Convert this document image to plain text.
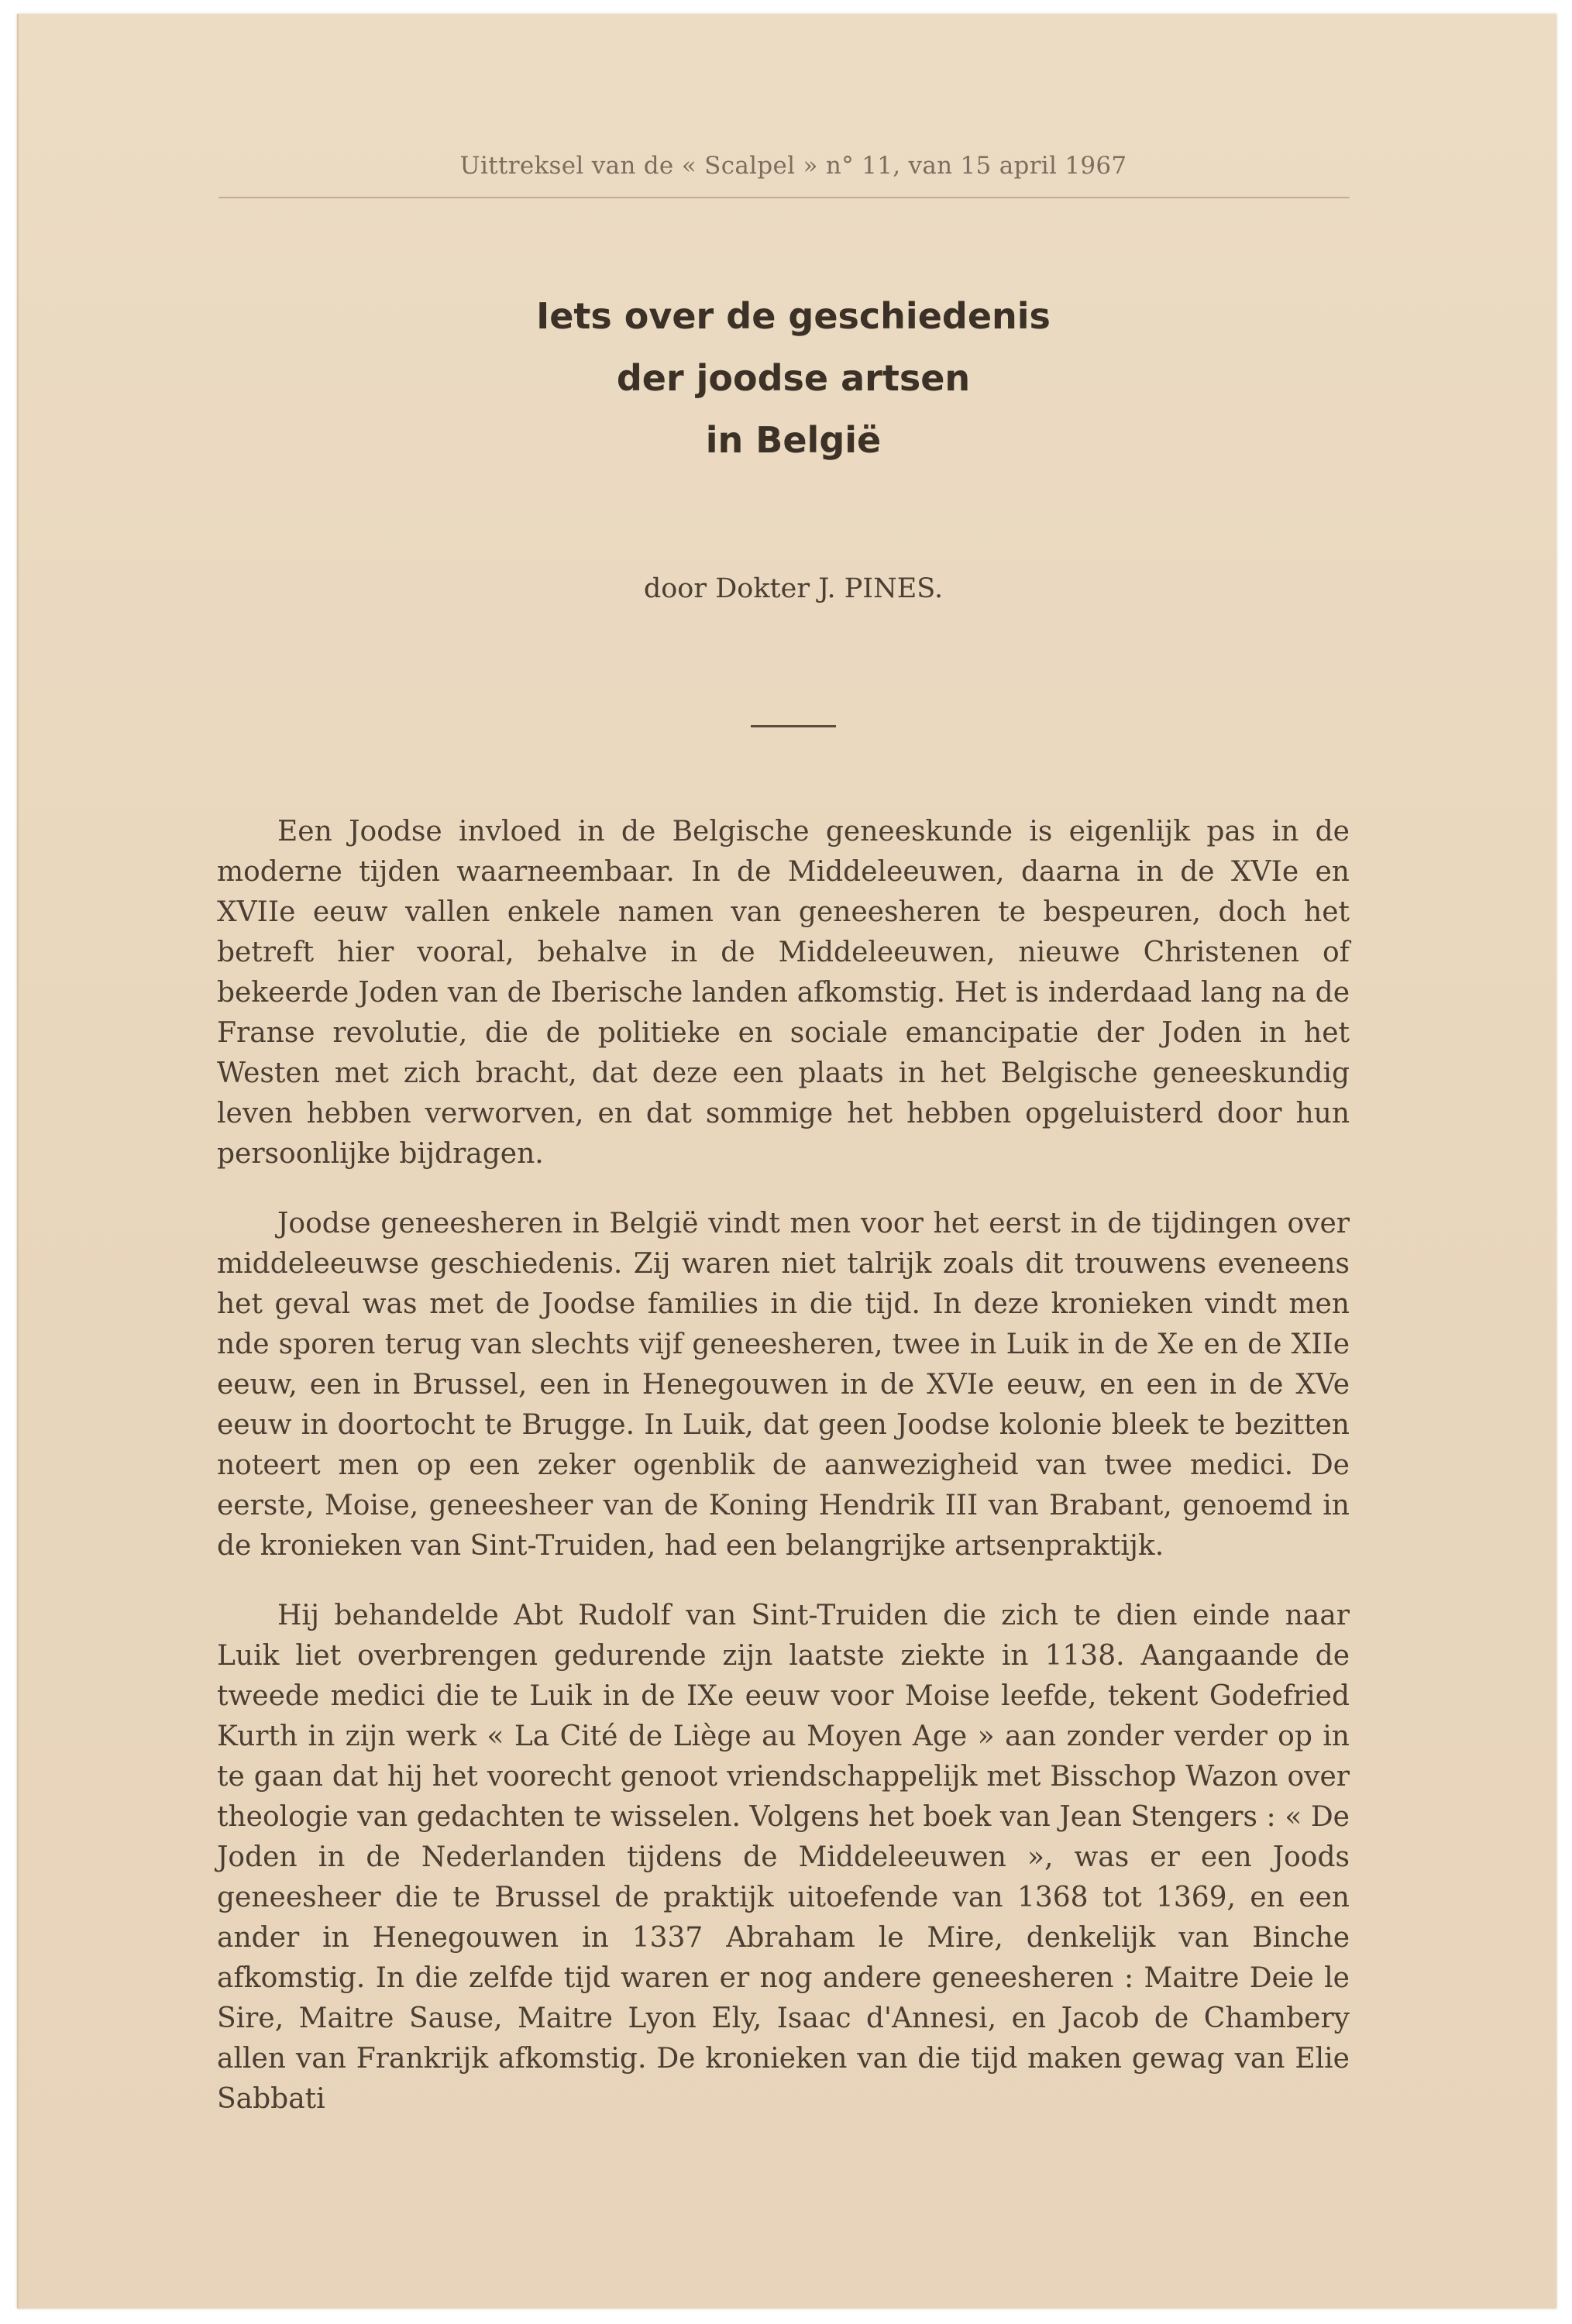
Uittreksel van de « Scalpel » n° 11, van 15 april 1967
Iets over de geschiedenis
der joodse artsen
in België
door Dokter J. PINES.

Een Joodse invloed in de Belgische geneeskunde is eigenlijk pas in de moderne tijden waarneembaar. In de Middeleeuwen, daarna in de XVIe en XVIIe eeuw vallen enkele namen van geneesheren te bespeuren, doch het betreft hier vooral, behalve in de Middeleeuwen, nieuwe Christenen of bekeerde Joden van de Iberische landen afkomstig. Het is inderdaad lang na de Franse revolutie, die de politieke en sociale emancipatie der Joden in het Westen met zich bracht, dat deze een plaats in het Belgische geneeskundig leven hebben verworven, en dat sommige het hebben opgeluisterd door hun persoonlijke bijdragen.

Joodse geneesheren in België vindt men voor het eerst in de tijdingen over middeleeuwse geschiedenis. Zij waren niet talrijk zoals dit trouwens eveneens het geval was met de Joodse families in die tijd. In deze kronieken vindt men nde sporen terug van slechts vijf geneesheren, twee in Luik in de Xe en de XIIe eeuw, een in Brussel, een in Henegouwen in de XVIe eeuw, en een in de XVe eeuw in doortocht te Brugge. In Luik, dat geen Joodse kolonie bleek te bezitten noteert men op een zeker ogenblik de aanwezigheid van twee medici. De eerste, Moise, geneesheer van de Koning Hendrik III van Brabant, genoemd in de kronieken van Sint-Truiden, had een belangrijke artsenpraktijk.

Hij behandelde Abt Rudolf van Sint-Truiden die zich te dien einde naar Luik liet overbrengen gedurende zijn laatste ziekte in 1138. Aangaande de tweede medici die te Luik in de IXe eeuw voor Moise leefde, tekent Godefried Kurth in zijn werk « La Cité de Liège au Moyen Age » aan zonder verder op in te gaan dat hij het voorecht genoot vriendschappelijk met Bisschop Wazon over theologie van gedachten te wisselen. Volgens het boek van Jean Stengers : « De Joden in de Nederlanden tijdens de Middeleeuwen », was er een Joods geneesheer die te Brussel de praktijk uitoefende van 1368 tot 1369, en een ander in Henegouwen in 1337 Abraham le Mire, denkelijk van Binche afkomstig. In die zelfde tijd waren er nog andere geneesheren : Maitre Deie le Sire, Maitre Sause, Maitre Lyon Ely, Isaac d'Annesi, en Jacob de Chambery allen van Frankrijk afkomstig. De kronieken van die tijd maken gewag van Elie Sabbati
